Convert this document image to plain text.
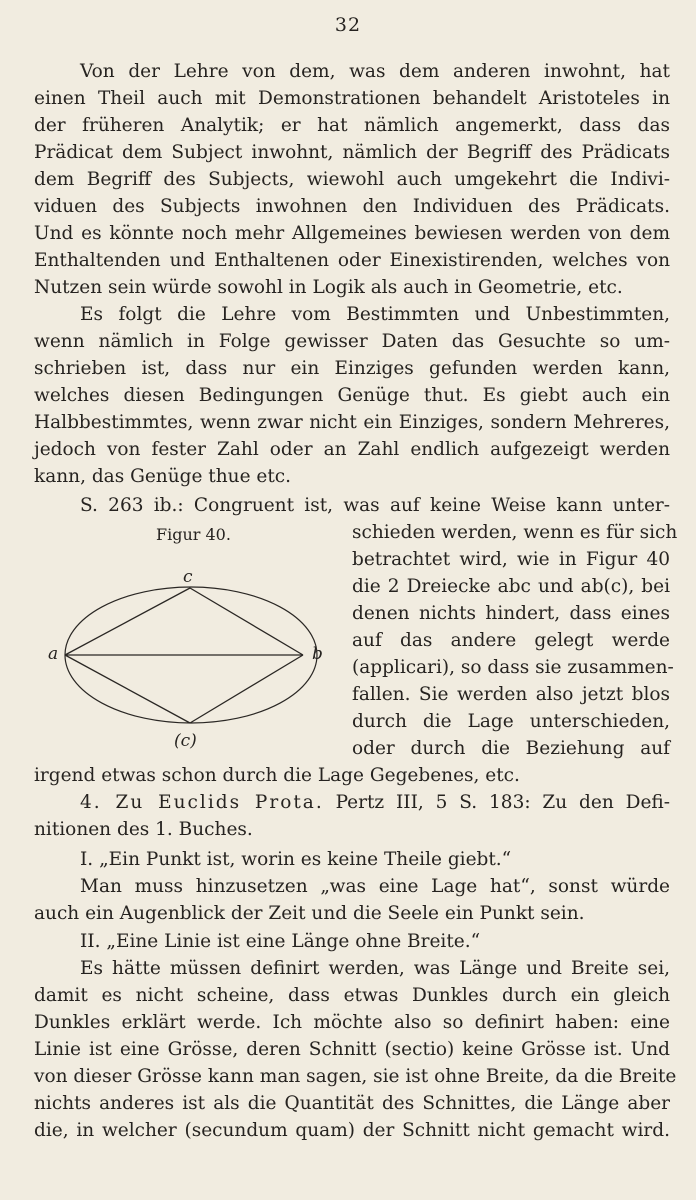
32
Von der Lehre von dem, was dem anderen inwohnt, hat
einen Theil auch mit Demonstrationen behandelt Aristoteles in
der früheren Analytik; er hat nämlich angemerkt, dass das
Prädicat dem Subject inwohnt, nämlich der Begriff des Prädicats
dem Begriff des Subjects, wiewohl auch umgekehrt die Indivi-
viduen des Subjects inwohnen den Individuen des Prädicats.
Und es könnte noch mehr Allgemeines bewiesen werden von dem
Enthaltenden und Enthaltenen oder Einexistirenden, welches von
Nutzen sein würde sowohl in Logik als auch in Geometrie, etc.
Es folgt die Lehre vom Bestimmten und Unbestimmten,
wenn nämlich in Folge gewisser Daten das Gesuchte so um-
schrieben ist, dass nur ein Einziges gefunden werden kann,
welches diesen Bedingungen Genüge thut. Es giebt auch ein
Halbbestimmtes, wenn zwar nicht ein Einziges, sondern Mehreres,
jedoch von fester Zahl oder an Zahl endlich aufgezeigt werden
kann, das Genüge thue etc.
S. 263 ib.: Congruent ist, was auf keine Weise kann unter-
Figur 40.	schieden werden, wenn es für sich
betrachtet wird, wie in Figur 40
die 2 Dreiecke abc und ab(c), bei
denen nichts hindert, dass eines
auf das andere gelegt werde
(applicari), so dass sie zusammen-
fallen. Sie werden also jetzt blos
durch die Lage unterschieden,
oder durch die Beziehung auf
irgend etwas schon durch die Lage Gegebenes, etc.
c
a	b
(c)
4. Zu Euclids Prota. Pertz III, 5 S. 183: Zu den Defi-
nitionen des 1. Buches.
I. „Ein Punkt ist, worin es keine Theile giebt.“
Man muss hinzusetzen „was eine Lage hat“, sonst würde
auch ein Augenblick der Zeit und die Seele ein Punkt sein.
II. „Eine Linie ist eine Länge ohne Breite.“
Es hätte müssen definirt werden, was Länge und Breite sei,
damit es nicht scheine, dass etwas Dunkles durch ein gleich
Dunkles erklärt werde. Ich möchte also so definirt haben: eine
Linie ist eine Grösse, deren Schnitt (sectio) keine Grösse ist. Und
von dieser Grösse kann man sagen, sie ist ohne Breite, da die Breite
nichts anderes ist als die Quantität des Schnittes, die Länge aber
die, in welcher (secundum quam) der Schnitt nicht gemacht wird.
